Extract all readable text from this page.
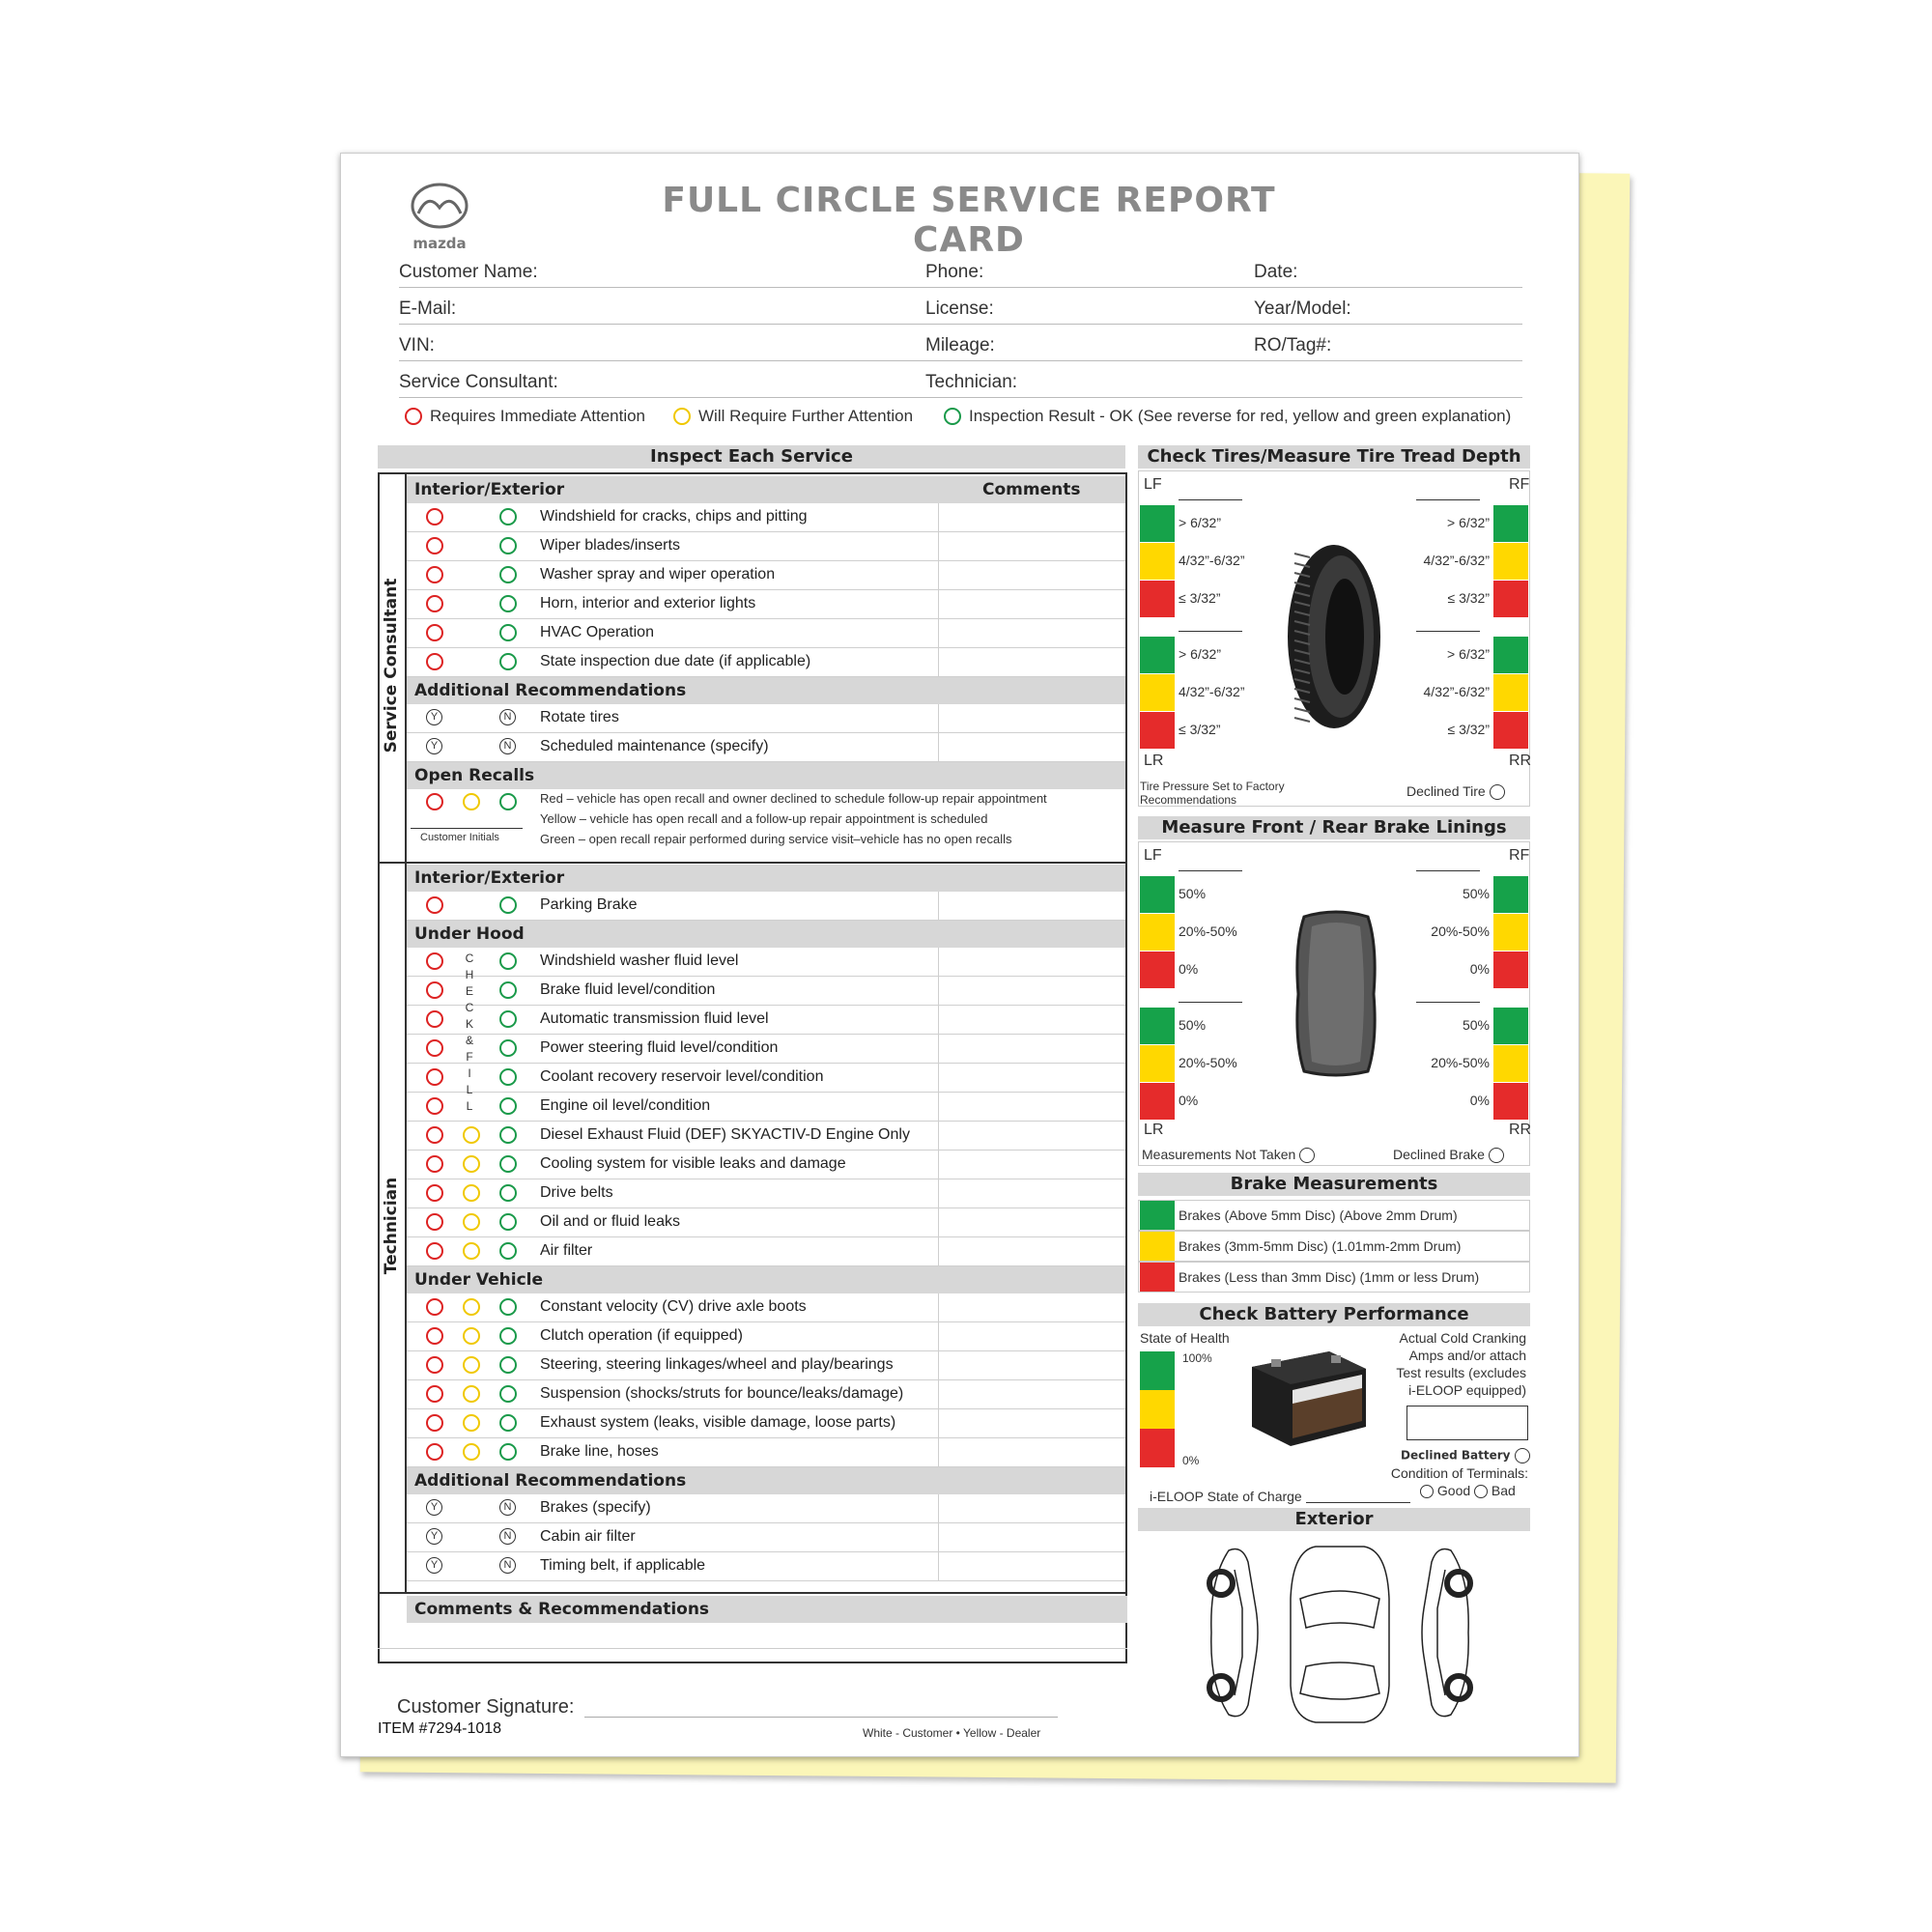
mazda
FULL CIRCLE SERVICE REPORT CARD
Customer Name:	Phone:	Date:
E-Mail:	License:	Year/Model:
VIN:	Mileage:	RO/Tag#:
Service Consultant:	Technician:
Requires Immediate Attention	Will Require Further Attention	Inspection Result - OK (See reverse for red, yellow and green explanation)
Inspect Each Service
Service Consultant
Technician
Interior/Exterior	Comments
Windshield for cracks, chips and pitting
Wiper blades/inserts
Washer spray and wiper operation
Horn, interior and exterior lights
HVAC Operation
State inspection due date (if applicable)
Additional Recommendations
Y	N Rotate tires
Y	N Scheduled maintenance (specify)
Open Recalls
Customer Initials
Red – vehicle has open recall and owner declined to schedule follow-up repair appointment
Yellow – vehicle has open recall and a follow-up repair appointment is scheduled
Green – open recall repair performed during service visit–vehicle has no open recalls
Interior/Exterior
Parking Brake
Under Hood
Windshield washer fluid level
Brake fluid level/condition
Automatic transmission fluid level
Power steering fluid level/condition
Coolant recovery reservoir level/condition
Engine oil level/condition
Diesel Exhaust Fluid (DEF) SKYACTIV-D Engine Only
Cooling system for visible leaks and damage
Drive belts
Oil and or fluid leaks
Air filter
C
H
E
C
K
&
F
I
L
L
Under Vehicle
Constant velocity (CV) drive axle boots
Clutch operation (if equipped)
Steering, steering linkages/wheel and play/bearings
Suspension (shocks/struts for bounce/leaks/damage)
Exhaust system (leaks, visible damage, loose parts)
Brake line, hoses
Additional Recommendations
Y	N Brakes (specify)
Y	N Cabin air filter
Y	N Timing belt, if applicable
Comments & Recommendations
Customer Signature:
ITEM #7294-1018	White - Customer • Yellow - Dealer
Check Tires/Measure Tire Tread Depth
LF	RF
LR	RR
> 6/32”	> 6/32”
4/32”-6/32”	4/32”-6/32”
≤ 3/32”	≤ 3/32”
> 6/32”	> 6/32”
4/32”-6/32”	4/32”-6/32”
≤ 3/32”	≤ 3/32”
Tire Pressure Set to Factory Recommendations
Declined Tire
Measure Front / Rear Brake Linings
LF	RF
LR	RR
50%	50%
20%-50%	20%-50%
0%	0%
50%	50%
20%-50%	20%-50%
0%	0%
Measurements Not Taken	Declined Brake
Brake Measurements
Brakes (Above 5mm Disc) (Above 2mm Drum)
Brakes (3mm-5mm Disc) (1.01mm-2mm Drum)
Brakes (Less than 3mm Disc) (1mm or less Drum)
Check Battery Performance
State of Health
100%
0%
Actual Cold Cranking
Amps and/or attach
Test results (excludes
i-ELOOP equipped)
Declined Battery
Condition of Terminals:
Good Bad
i-ELOOP State of Charge
Exterior
